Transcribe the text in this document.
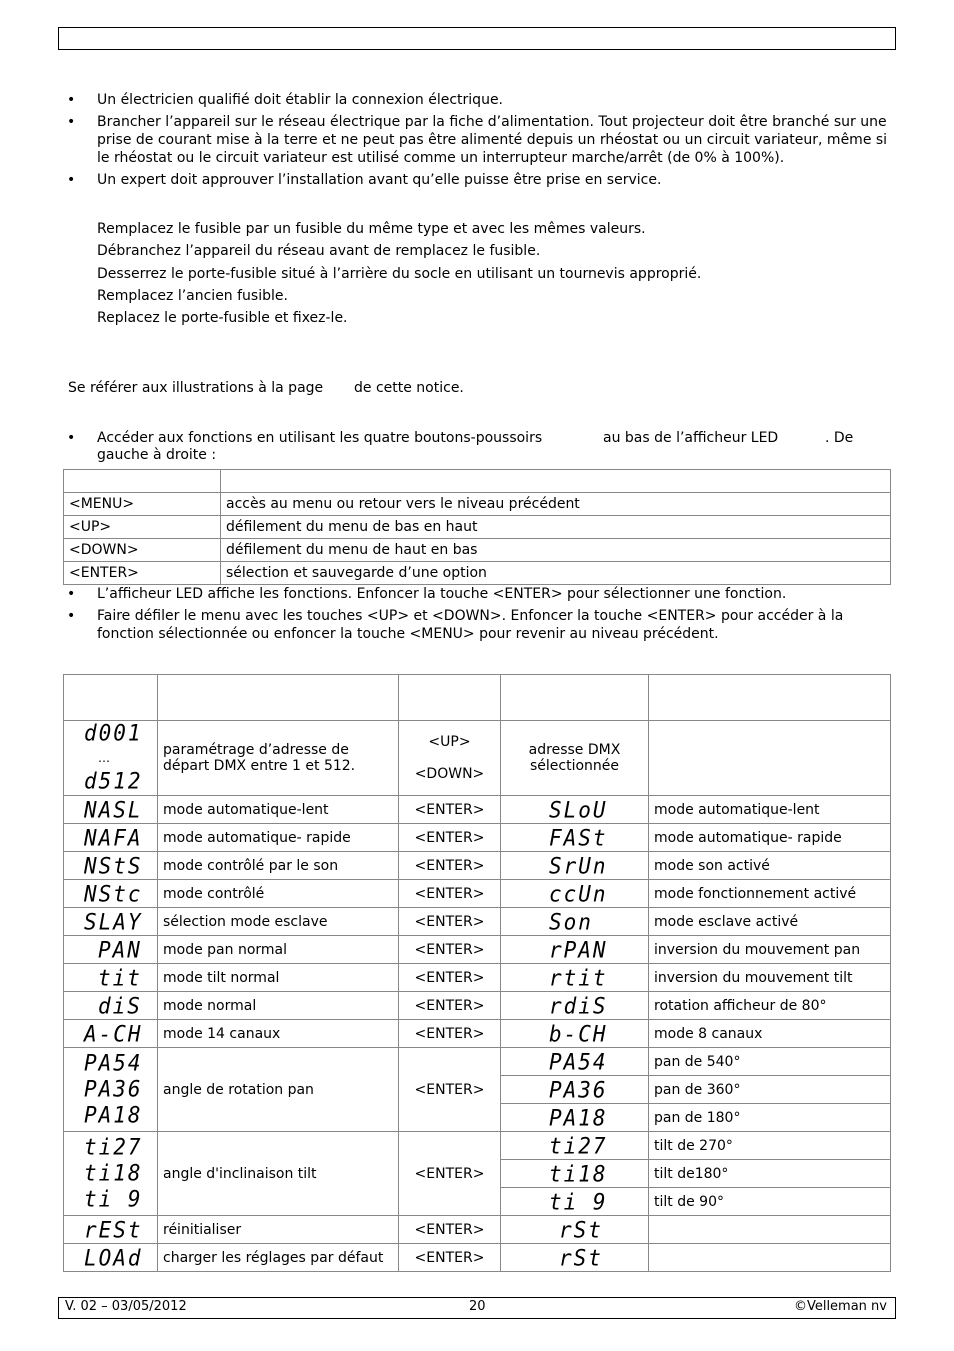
• Un électricien qualifié doit établir la connexion électrique.
• Brancher l’appareil sur le réseau électrique par la fiche d’alimentation. Tout projecteur doit être branché sur une prise de courant mise à la terre et ne peut pas être alimenté depuis un rhéostat ou un circuit variateur, même si le rhéostat ou le circuit variateur est utilisé comme un interrupteur marche/arrêt (de 0% à 100%).
• Un expert doit approuver l’installation avant qu’elle puisse être prise en service.

Remplacez le fusible par un fusible du même type et avec les mêmes valeurs.

Débranchez l’appareil du réseau avant de remplacez le fusible.

Desserrez le porte-fusible situé à l’arrière du socle en utilisant un tournevis approprié.

Remplacez l’ancien fusible.

Replacez le porte-fusible et fixez-le.

Se référer aux illustrations à la page de cette notice.

• Accéder aux fonctions en utilisant les quatre boutons-poussoirs	au bas de l’afficheur LED	. De

gauche à droite :

<MENU>	accès au menu ou retour vers le niveau précédent
<UP>	défilement du menu de bas en haut
<DOWN>	défilement du menu de haut en bas
<ENTER>	sélection et sauvegarde d’une option
• L’afficheur LED affiche les fonctions. Enfoncer la touche <ENTER> pour sélectionner une fonction.
• Faire défiler le menu avec les touches <UP> et <DOWN>. Enfoncer la touche <ENTER> pour accéder à la fonction sélectionnée ou enfoncer la touche <MENU> pour revenir au niveau précédent.

d001
…
d512	paramétrage d’adresse de départ DMX entre 1 et 512.	<UP>

<DOWN>	adresse DMX sélectionnée	
NASL	mode automatique-lent	<ENTER>	SLoU	mode automatique-lent
NAFA	mode automatique- rapide	<ENTER>	FASt	mode automatique- rapide
NStS	mode contrôlé par le son	<ENTER>	SrUn	mode son activé
NStc	mode contrôlé	<ENTER>	ccUn	mode fonctionnement activé
SLAY	sélection mode esclave	<ENTER>	Son	mode esclave activé
PAN	mode pan normal	<ENTER>	rPAN	inversion du mouvement pan
tit	mode tilt normal	<ENTER>	rtit	inversion du mouvement tilt
diS	mode normal	<ENTER>	rdiS	rotation afficheur de 80°
A-CH	mode 14 canaux	<ENTER>	b-CH	mode 8 canaux
PA54
PA36
PA18	angle de rotation pan	<ENTER>	PA54	pan de 540°
			PA36	pan de 360°
			PA18	pan de 180°
ti27
ti18
ti 9	angle d'inclinaison tilt	<ENTER>	ti27	tilt de 270°
			ti18	tilt de180°
			ti 9	tilt de 90°
rESt	réinitialiser	<ENTER>	rSt	
LOAd	charger les réglages par défaut	<ENTER>	rSt	
V. 02 – 03/05/2012	20	©Velleman nv
